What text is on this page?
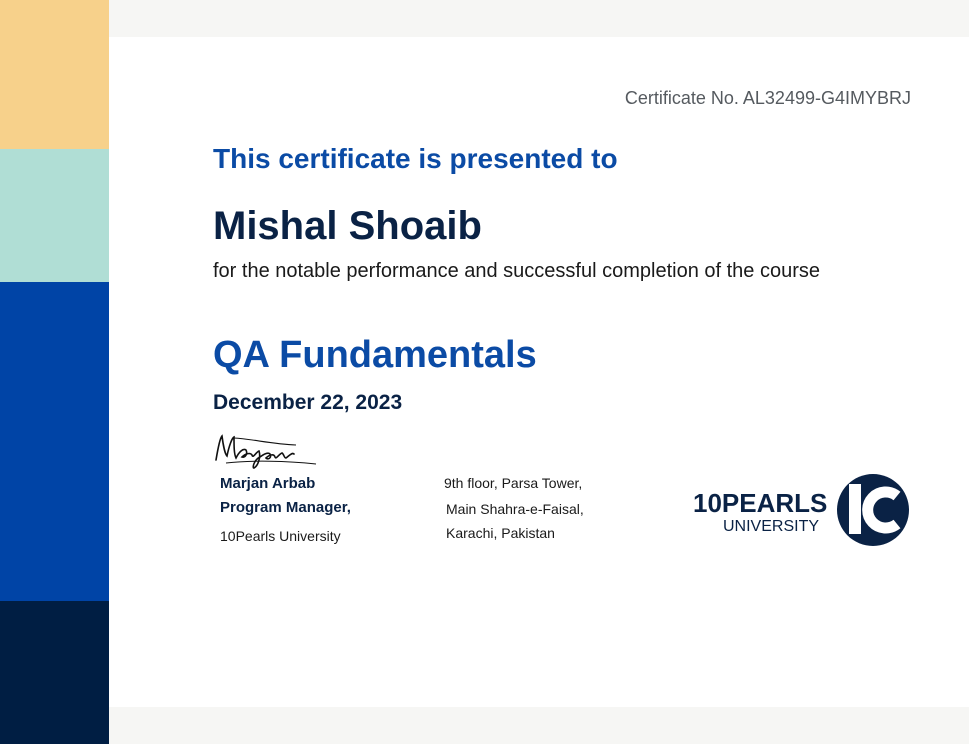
Certificate No. AL32499-G4IMYBRJ
This certificate is presented to
Mishal Shoaib
for the notable performance and successful completion of the course
QA Fundamentals
December 22, 2023
Marjan Arbab
Program Manager,
10Pearls University
9th floor, Parsa Tower,
Main Shahra-e-Faisal,
Karachi, Pakistan
10PEARLS
UNIVERSITY
